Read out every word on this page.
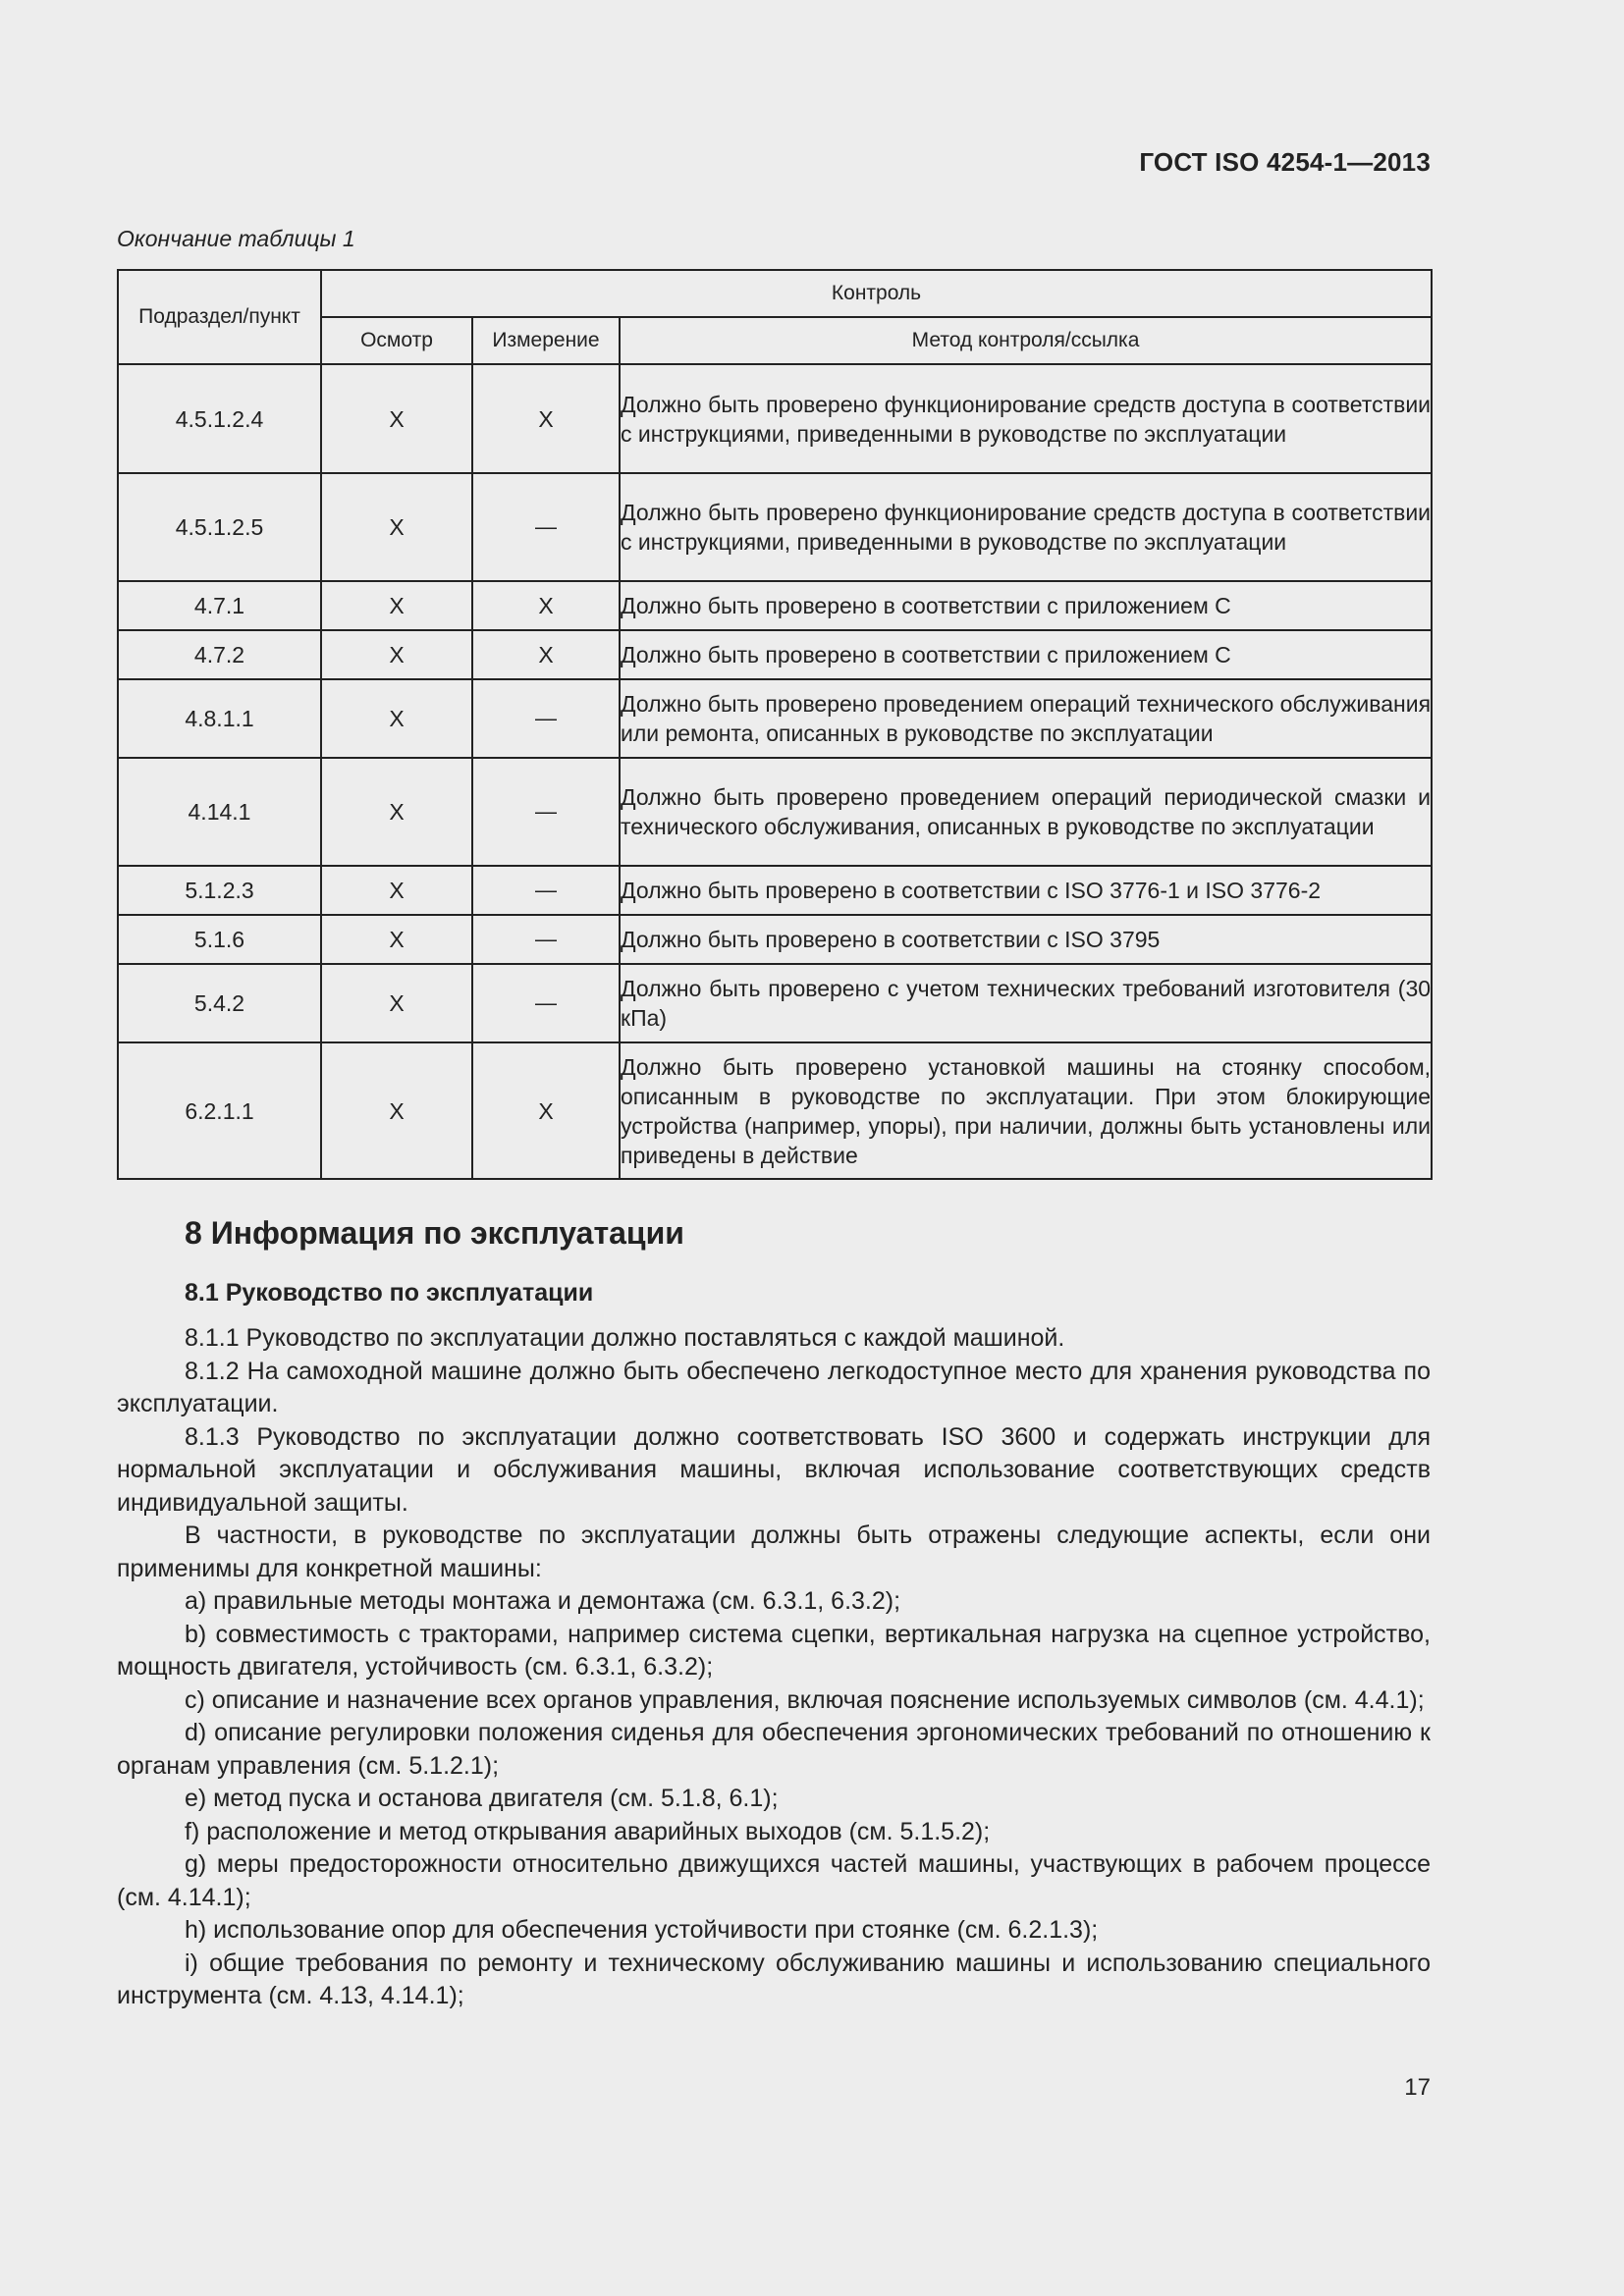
ГОСТ ISO 4254-1—2013
Окончание таблицы 1
Подраздел/пункт	Контроль		
	Осмотр	Измерение	Метод контроля/ссылка
4.5.1.2.4	X	X	Должно быть проверено функционирование средств доступа в соответствии с инструкциями, приведенными в руководстве по эксплуатации
4.5.1.2.5	X	—	Должно быть проверено функционирование средств доступа в соответствии с инструкциями, приведенными в руководстве по эксплуатации
4.7.1	X	X	Должно быть проверено в соответствии с приложением С
4.7.2	X	X	Должно быть проверено в соответствии с приложением С
4.8.1.1	X	—	Должно быть проверено проведением операций технического обслуживания или ремонта, описанных в руководстве по эксплуатации
4.14.1	X	—	Должно быть проверено проведением операций периодической смазки и технического обслуживания, описанных в руководстве по эксплуатации
5.1.2.3	X	—	Должно быть проверено в соответствии с ISO 3776-1 и ISO 3776-2
5.1.6	X	—	Должно быть проверено в соответствии с ISO 3795
5.4.2	X	—	Должно быть проверено с учетом технических требований изготовителя (30 кПа)
6.2.1.1	X	X	Должно быть проверено установкой машины на стоянку способом, описанным в руководстве по эксплуатации. При этом блокирующие устройства (например, упоры), при наличии, должны быть установлены или приведены в действие
8 Информация по эксплуатации
8.1 Руководство по эксплуатации

8.1.1 Руководство по эксплуатации должно поставляться с каждой машиной.

8.1.2 На самоходной машине должно быть обеспечено легкодоступное место для хранения руководства по эксплуатации.

8.1.3 Руководство по эксплуатации должно соответствовать ISO 3600 и содержать инструкции для нормальной эксплуатации и обслуживания машины, включая использование соответствующих средств индивидуальной защиты.

В частности, в руководстве по эксплуатации должны быть отражены следующие аспекты, если они применимы для конкретной машины:

a) правильные методы монтажа и демонтажа (см. 6.3.1, 6.3.2);

b) совместимость с тракторами, например система сцепки, вертикальная нагрузка на сцепное устройство, мощность двигателя, устойчивость (см. 6.3.1, 6.3.2);

c) описание и назначение всех органов управления, включая пояснение используемых символов (см. 4.4.1);

d) описание регулировки положения сиденья для обеспечения эргономических требований по отношению к органам управления (см. 5.1.2.1);

e) метод пуска и останова двигателя (см. 5.1.8, 6.1);

f) расположение и метод открывания аварийных выходов (см. 5.1.5.2);

g) меры предосторожности относительно движущихся частей машины, участвующих в рабочем процессе (см. 4.14.1);

h) использование опор для обеспечения устойчивости при стоянке (см. 6.2.1.3);

i) общие требования по ремонту и техническому обслуживанию машины и использованию специального инструмента (см. 4.13, 4.14.1);

17
